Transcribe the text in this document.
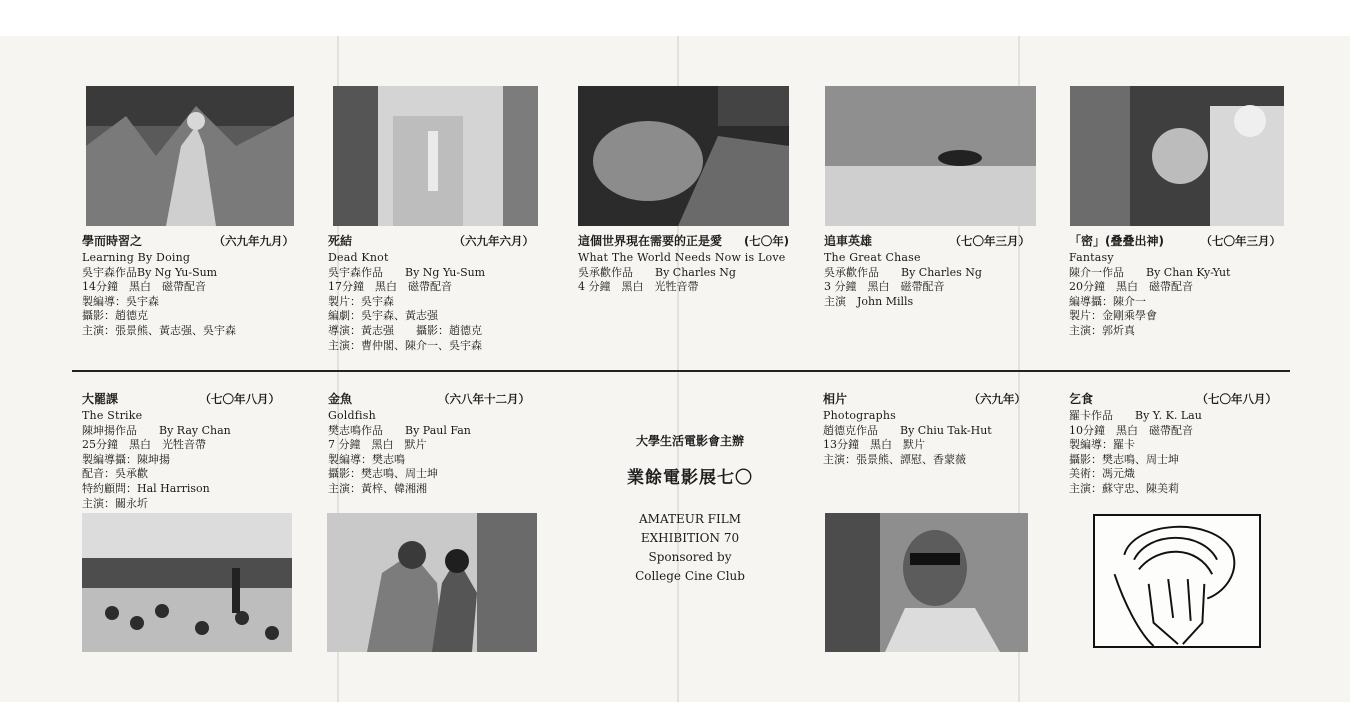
學而時習之	（六九年九月）
Learning By Doing
吳宇森作品By Ng Yu-Sum
14分鐘　黑白　磁帶配音
製編導：吳宇森
攝影：趙德克
主演：張景熊、黃志强、吳宇森
死結	（六九年六月）
Dead Knot
吳宇森作品　　By Ng Yu-Sum
17分鐘　黑白　磁帶配音
製片：吳宇森
編劇：吳宇森、黃志强
導演：黃志强　　攝影：趙德克
主演：曹仲閣、陳介一、吳宇森
這個世界現在需要的正是愛 (七〇年)
What The World Needs Now is Love
吳承歡作品　　By Charles Ng
4 分鐘　黑白　光牲音帶
追車英雄	（七〇年三月）
The Great Chase
吳承歡作品　　By Charles Ng
3 分鐘　黑白　磁帶配音
主演　John Mills
「密」(叠叠出神)	（七〇年三月）
Fantasy
陳介一作品　　By Chan Ky-Yut
20分鐘　黑白　磁帶配音
編導攝：陳介一
製片：金剛乘學會
主演：郭炘真
大罷課	（七〇年八月）
The Strike
陳坤揚作品　　By Ray Chan
25分鐘　黑白　光牲音帶
製編導攝：陳坤揚
配音：吳承歡
特約顧問：Hal Harrison
主演：關永圻
金魚	（六八年十二月）
Goldfish
樊志鳴作品　　By Paul Fan
7 分鐘　黑白　默片
製編導：樊志鳴
攝影：樊志鳴、周士坤
主演：黃梓、韓湘湘
相片	（六九年）
Photographs
趙德克作品　　By Chiu Tak-Hut
13分鐘　黑白　默片
主演：張景熊、譚慰、香蒙薇
乞食	（七〇年八月）
羅卡作品　　By Y. K. Lau
10分鐘　黑白　磁帶配音
製編導：羅卡
攝影：樊志鳴、周士坤
美術：馮元熾
主演：蘇守忠、陳美莉
大學生活電影會主辦
業餘電影展七〇
AMATEUR FILM
EXHIBITION 70
Sponsored by
College Cine Club
